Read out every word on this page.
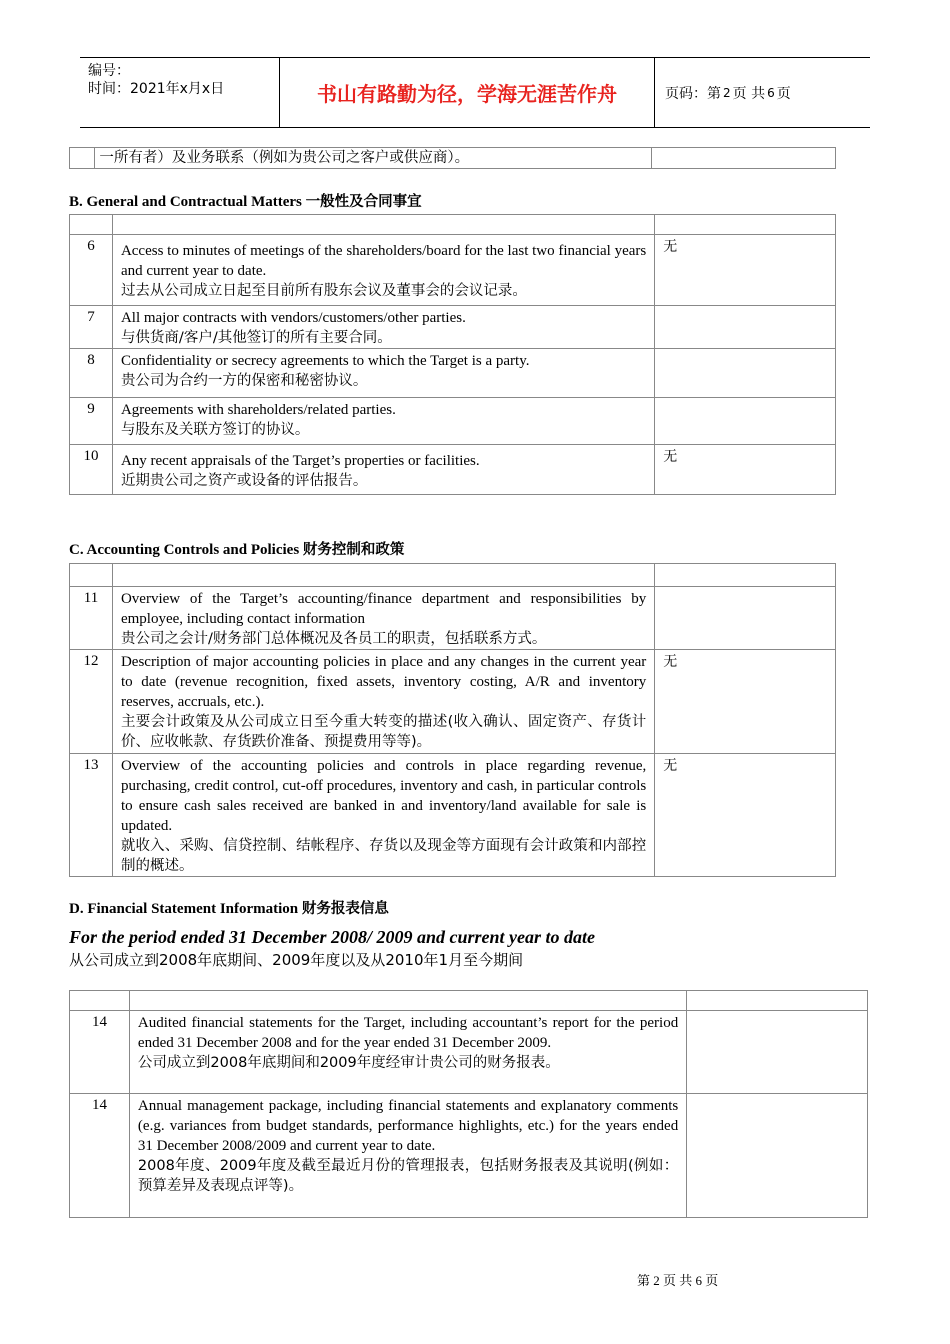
编号：
时间：2021年x月x日	书山有路勤为径，学海无涯苦作舟	页码：第 2 页 共 6 页
	一所有者）及业务联系（例如为贵公司之客户或供应商）。	
B. General and Contractual Matters 一般性及合同事宜

6	Access to minutes of meetings of the shareholders/board for the last two financial years and current year to date.
过去从公司成立日起至目前所有股东会议及董事会的会议记录。	无
7	All major contracts with vendors/customers/other parties.
与供货商/客户/其他签订的所有主要合同。	

8	Confidentiality or secrecy agreements to which the Target is a party.
贵公司为合约一方的保密和秘密协议。	

9	Agreements with shareholders/related parties.
与股东及关联方签订的协议。	

10	Any recent appraisals of the Target’s properties or facilities.
近期贵公司之资产或设备的评估报告。	无
C. Accounting Controls and Policies 财务控制和政策

11	Overview of the Target’s accounting/finance department and responsibilities by employee, including contact information
贵公司之会计/财务部门总体概况及各员工的职责，包括联系方式。	

12	Description of major accounting policies in place and any changes in the current year to date (revenue recognition, fixed assets, inventory costing, A/R and inventory reserves, accruals, etc.).
主要会计政策及从公司成立日至今重大转变的描述(收入确认、固定资产、存货计价、应收帐款、存货跌价准备、预提费用等等)。	无
13	Overview of the accounting policies and controls in place regarding revenue, purchasing, credit control, cut-off procedures, inventory and cash, in particular controls to ensure cash sales received are banked in and inventory/land available for sale is updated.
就收入、采购、信贷控制、结帐程序、存货以及现金等方面现有会计政策和内部控制的概述。	无
D. Financial Statement Information 财务报表信息
For the period ended 31 December 2008/ 2009 and current year to date
从公司成立到2008年底期间、2009年度以及从2010年1月至今期间

14	Audited financial statements for the Target, including accountant’s report for the period ended 31 December 2008 and for the year ended 31 December 2009.
公司成立到2008年底期间和2009年度经审计贵公司的财务报表。	

14	Annual management package, including financial statements and explanatory comments (e.g. variances from budget standards, performance highlights, etc.) for the years ended 31 December 2008/2009 and current year to date.
2008年度、2009年度及截至最近月份的管理报表，包括财务报表及其说明(例如：预算差异及表现点评等)。	

第 2 页 共 6 页
